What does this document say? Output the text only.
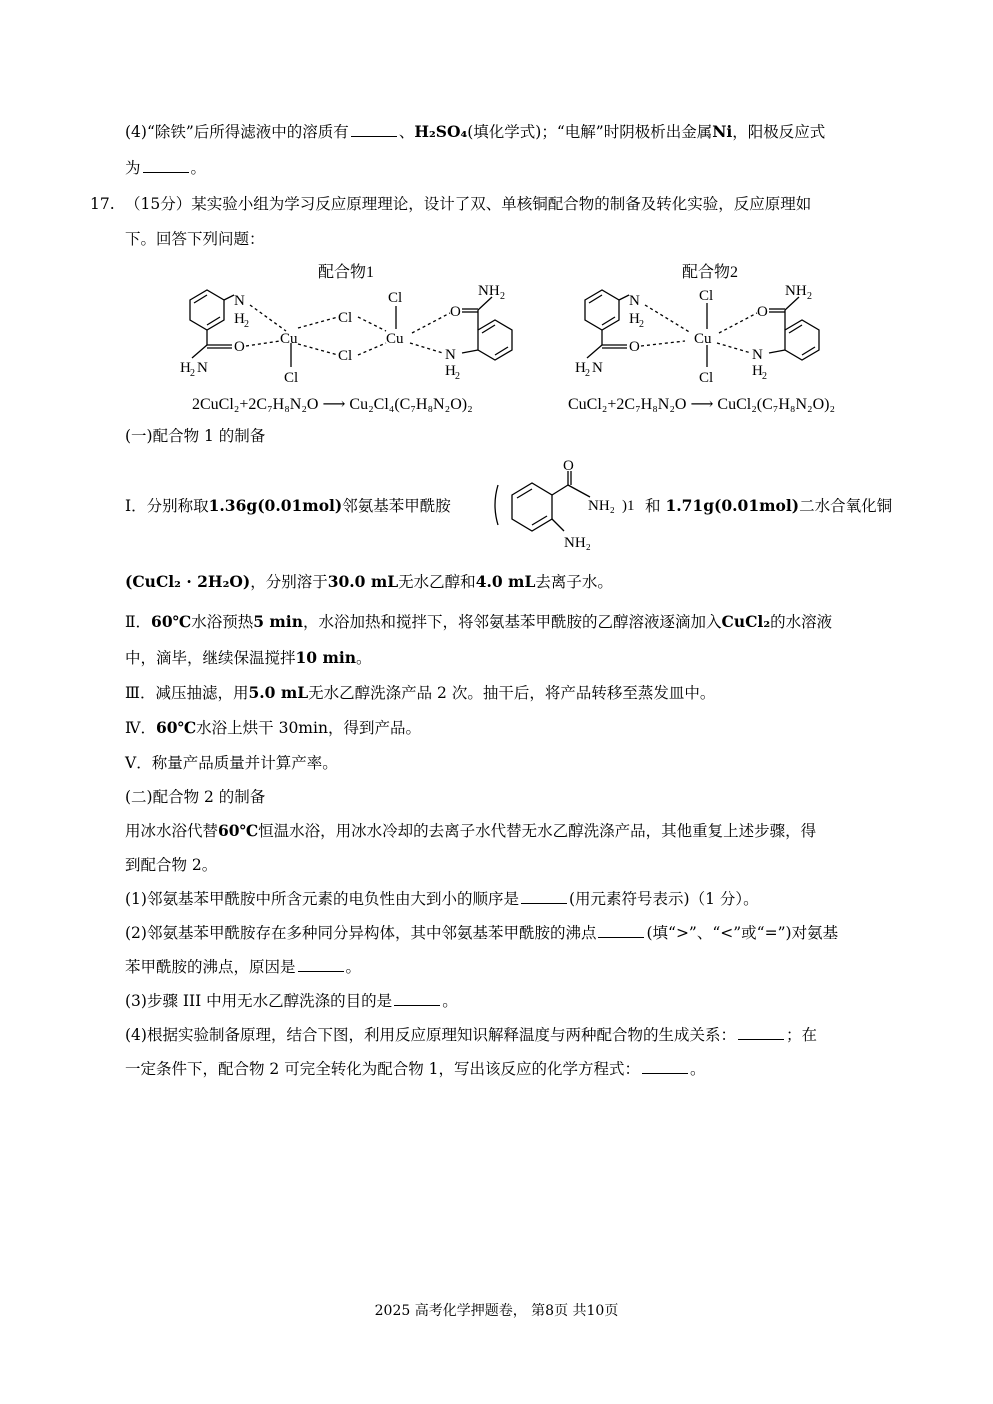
(4)“除铁”后所得滤液中的溶质有	、H₂SO₄(填化学式)；“电解”时阴极析出金属Ni，阳极反应式
为	。
17. （15分）某实验小组为学习反应原理理论，设计了双、单核铜配合物的制备及转化实验，反应原理如
下。回答下列问题：
配合物1	配合物2
N
H 2
O
H 2 N
Cu
Cl
Cl
Cl
Cl
Cu
O
NH 2
N
H 2
N
H 2
O
H 2 N
Cl
Cu
Cl
O
NH 2
N
H 2
2CuCl₂+2C₇H₈N₂O ⟶ Cu₂Cl₄(C₇H₈N₂O)₂	CuCl₂+2C₇H₈N₂O ⟶ CuCl₂(C₇H₈N₂O)₂
(一)配合物 1 的制备
Ⅰ．分别称取1.36g(0.01mol)邻氨基苯甲酰胺
O
NH₂ )1
NH₂
和 1.71g(0.01mol)二水合氧化铜
(CuCl₂ · 2H₂O)，分别溶于30.0 mL无水乙醇和4.0 mL去离子水。
Ⅱ．60℃水浴预热5 min，水浴加热和搅拌下，将邻氨基苯甲酰胺的乙醇溶液逐滴加入CuCl₂的水溶液
中，滴毕，继续保温搅拌10 min。
Ⅲ．减压抽滤，用5.0 mL无水乙醇洗涤产品 2 次。抽干后，将产品转移至蒸发皿中。
Ⅳ．60℃水浴上烘干 30min，得到产品。
Ⅴ．称量产品质量并计算产率。
(二)配合物 2 的制备
用冰水浴代替60℃恒温水浴，用冰水冷却的去离子水代替无水乙醇洗涤产品，其他重复上述步骤，得
到配合物 2。
(1)邻氨基苯甲酰胺中所含元素的电负性由大到小的顺序是	(用元素符号表示)（1 分）。
(2)邻氨基苯甲酰胺存在多种同分异构体，其中邻氨基苯甲酰胺的沸点	(填“>”、“<”或“=”)对氨基
苯甲酰胺的沸点，原因是	。
(3)步骤 III 中用无水乙醇洗涤的目的是	。
(4)根据实验制备原理，结合下图，利用反应原理知识解释温度与两种配合物的生成关系：	；在
一定条件下，配合物 2 可完全转化为配合物 1，写出该反应的化学方程式：	。
2025 高考化学押题卷， 第8页 共10页
